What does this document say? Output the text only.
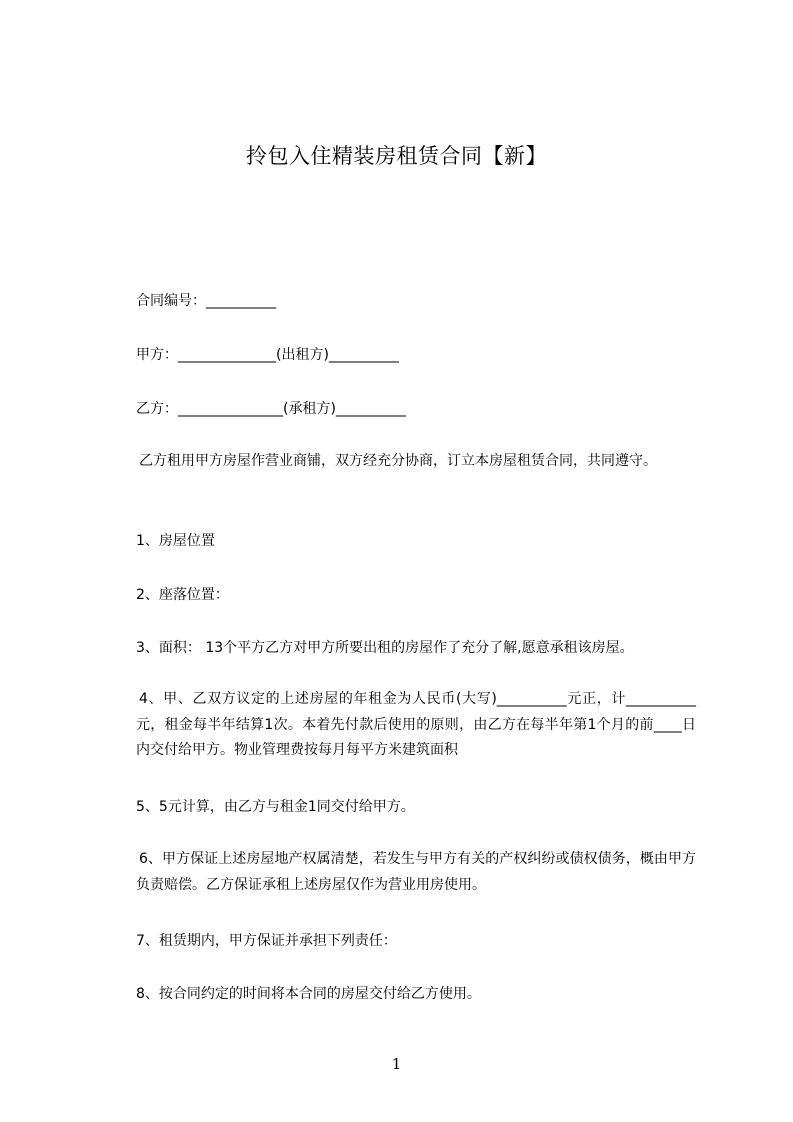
拎包入住精装房租赁合同【新】

合同编号：__________

甲方：______________(出租方)__________

乙方：_______________(承租方)__________

乙方租用甲方房屋作营业商铺，双方经充分协商，订立本房屋租赁合同，共同遵守。

1、房屋位置

2、座落位置：

3、面积： 13个平方乙方对甲方所要出租的房屋作了充分了解,愿意承租该房屋。

4、甲、乙双方议定的上述房屋的年租金为人民币(大写)__________元正，计__________元，租金每半年结算1次。本着先付款后使用的原则，由乙方在每半年第1个月的前____日内交付给甲方。物业管理费按每月每平方米建筑面积

5、5元计算，由乙方与租金1同交付给甲方。

6、甲方保证上述房屋地产权属清楚，若发生与甲方有关的产权纠纷或债权债务，概由甲方负责赔偿。乙方保证承租上述房屋仅作为营业用房使用。

7、租赁期内，甲方保证并承担下列责任：

8、按合同约定的时间将本合同的房屋交付给乙方使用。

1
